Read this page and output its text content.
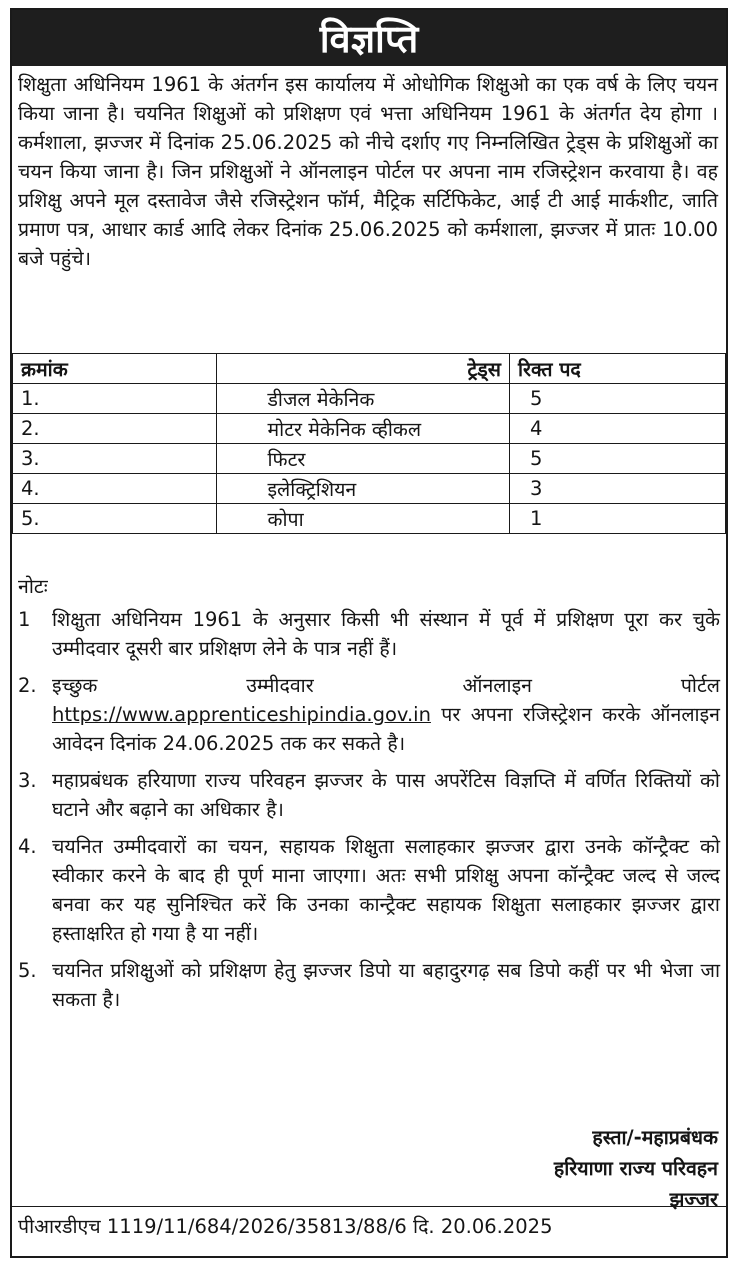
विज्ञप्ति

शिक्षुता अधिनियम 1961 के अंतर्गन इस कार्यालय में ओधोगिक शिक्षुओ का एक वर्ष के लिए चयन किया जाना है। चयनित शिक्षुओं को प्रशिक्षण एवं भत्ता अधिनियम 1961 के अंतर्गत देय होगा । कर्मशाला, झज्जर में दिनांक 25.06.2025 को नीचे दर्शाए गए निम्नलिखित ट्रेड्स के प्रशिक्षुओं का चयन किया जाना है। जिन प्रशिक्षुओं ने ऑनलाइन पोर्टल पर अपना नाम रजिस्ट्रेशन करवाया है। वह प्रशिक्षु अपने मूल दस्तावेज जैसे रजिस्ट्रेशन फॉर्म, मैट्रिक सर्टिफिकेट, आई टी आई मार्कशीट, जाति प्रमाण पत्र, आधार कार्ड आदि लेकर दिनांक 25.06.2025 को कर्मशाला, झज्जर में प्रातः 10.00 बजे पहुंचे।

क्रमांक	ट्रेड्स	रिक्त पद
1.	डीजल मेकेनिक	5
2.	मोटर मेकेनिक व्हीकल	4
3.	फिटर	5
4.	इलेक्ट्रिशियन	3
5.	कोपा	1

नोटः

1	शिक्षुता अधिनियम 1961 के अनुसार किसी भी संस्थान में पूर्व में प्रशिक्षण पूरा कर चुके उम्मीदवार दूसरी बार प्रशिक्षण लेने के पात्र नहीं हैं।
2. इच्छुक उम्मीदवार ऑनलाइन पोर्टल https://www.apprenticeshipindia.gov.in पर अपना रजिस्ट्रेशन करके ऑनलाइन आवेदन दिनांक 24.06.2025 तक कर सकते है।
3. महाप्रबंधक हरियाणा राज्य परिवहन झज्जर के पास अपरेंटिस विज्ञप्ति में वर्णित रिक्तियों को घटाने और बढ़ाने का अधिकार है।
4. चयनित उम्मीदवारों का चयन, सहायक शिक्षुता सलाहकार झज्जर द्वारा उनके कॉन्ट्रैक्ट को स्वीकार करने के बाद ही पूर्ण माना जाएगा। अतः सभी प्रशिक्षु अपना कॉन्ट्रैक्ट जल्द से जल्द बनवा कर यह सुनिश्चित करें कि उनका कान्ट्रैक्ट सहायक शिक्षुता सलाहकार झज्जर द्वारा हस्ताक्षरित हो गया है या नहीं।
5. चयनित प्रशिक्षुओं को प्रशिक्षण हेतु झज्जर डिपो या बहादुरगढ़ सब डिपो कहीं पर भी भेजा जा सकता है।
हस्ता/-महाप्रबंधक
हरियाणा राज्य परिवहन
झज्जर
पीआरडीएच 1119/11/684/2026/35813/88/6 दि. 20.06.2025
